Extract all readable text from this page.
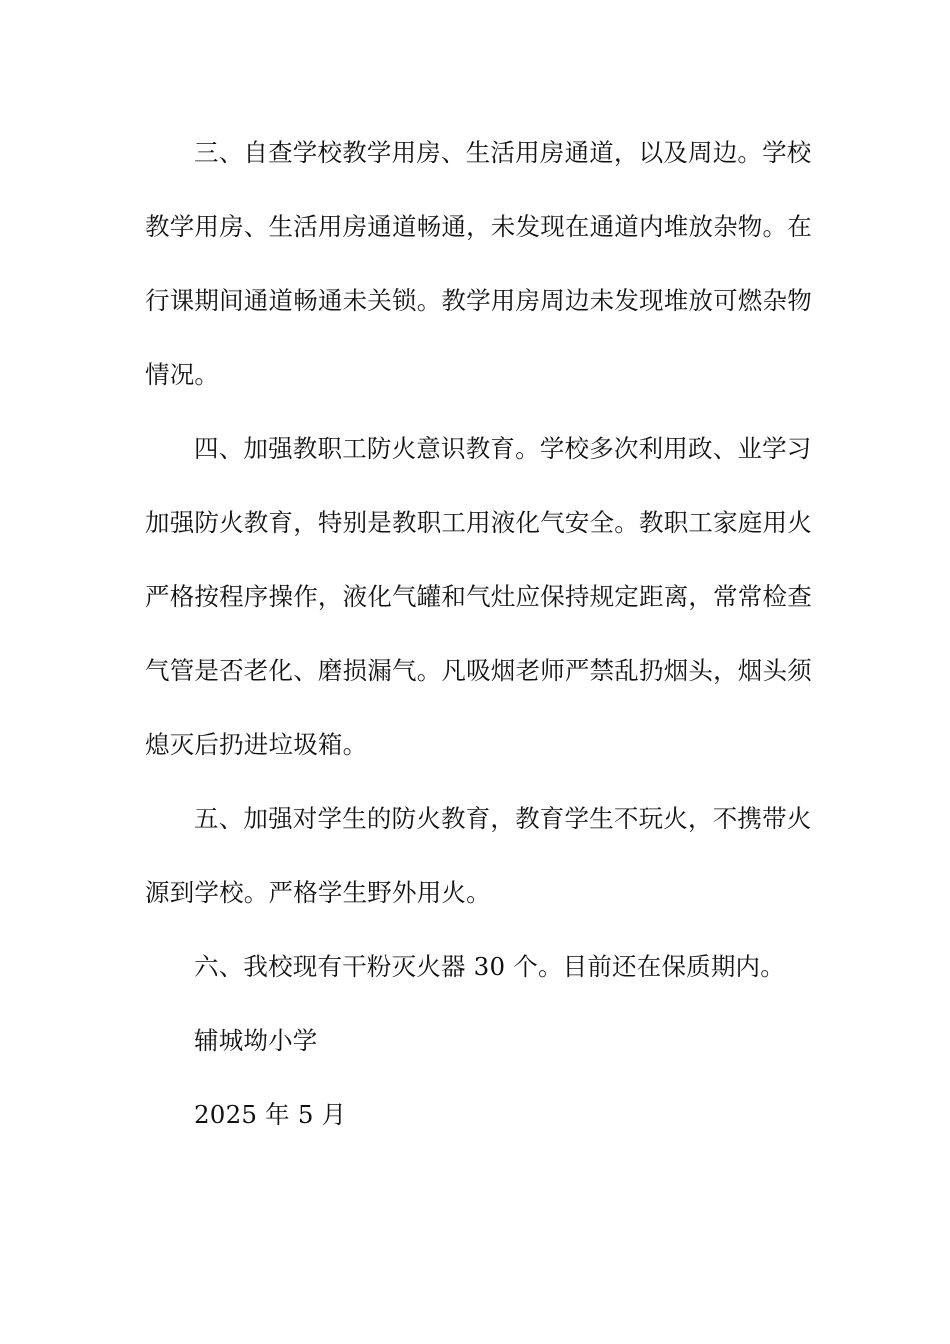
三、自查学校教学用房、生活用房通道，以及周边。学校
教学用房、生活用房通道畅通，未发现在通道内堆放杂物。在
行课期间通道畅通未关锁。教学用房周边未发现堆放可燃杂物
情况。
四、加强教职工防火意识教育。学校多次利用政、业学习
加强防火教育，特别是教职工用液化气安全。教职工家庭用火
严格按程序操作，液化气罐和气灶应保持规定距离，常常检查
气管是否老化、磨损漏气。凡吸烟老师严禁乱扔烟头，烟头须
熄灭后扔进垃圾箱。
五、加强对学生的防火教育，教育学生不玩火，不携带火
源到学校。严格学生野外用火。
六、我校现有干粉灭火器 30 个。目前还在保质期内。
辅城坳小学
2025 年 5 月
